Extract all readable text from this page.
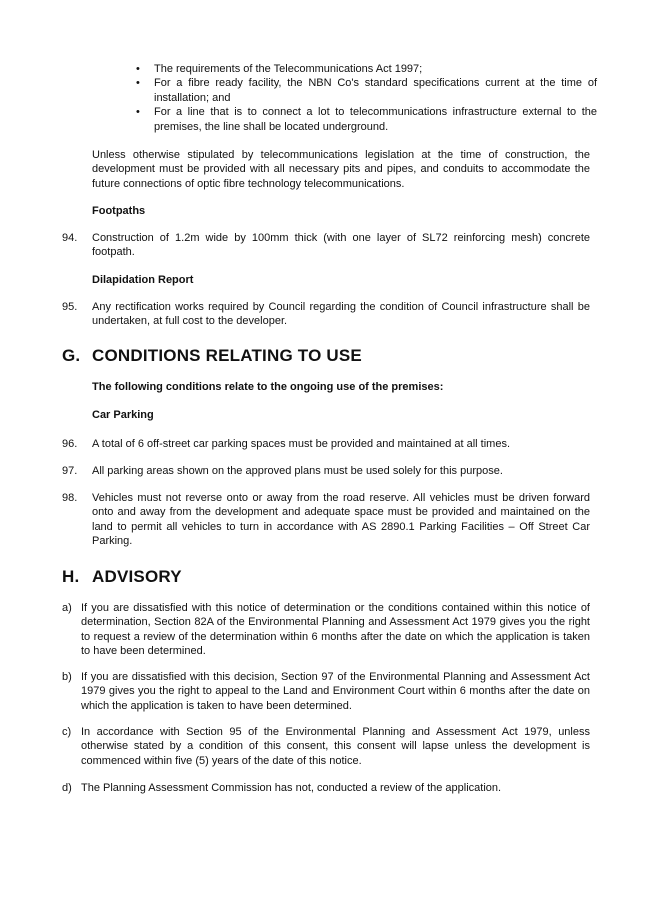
• The requirements of the Telecommunications Act 1997;
• For a fibre ready facility, the NBN Co's standard specifications current at the time of installation; and
• For a line that is to connect a lot to telecommunications infrastructure external to the premises, the line shall be located underground.
Unless otherwise stipulated by telecommunications legislation at the time of construction, the development must be provided with all necessary pits and pipes, and conduits to accommodate the future connections of optic fibre technology telecommunications.
Footpaths
94. Construction of 1.2m wide by 100mm thick (with one layer of SL72 reinforcing mesh) concrete footpath.
Dilapidation Report
95. Any rectification works required by Council regarding the condition of Council infrastructure shall be undertaken, at full cost to the developer.
G. CONDITIONS RELATING TO USE
The following conditions relate to the ongoing use of the premises:
Car Parking
96. A total of 6 off-street car parking spaces must be provided and maintained at all times.
97. All parking areas shown on the approved plans must be used solely for this purpose.
98. Vehicles must not reverse onto or away from the road reserve. All vehicles must be driven forward onto and away from the development and adequate space must be provided and maintained on the land to permit all vehicles to turn in accordance with AS 2890.1 Parking Facilities – Off Street Car Parking.
H. ADVISORY
a) If you are dissatisfied with this notice of determination or the conditions contained within this notice of determination, Section 82A of the Environmental Planning and Assessment Act 1979 gives you the right to request a review of the determination within 6 months after the date on which the application is taken to have been determined.
b) If you are dissatisfied with this decision, Section 97 of the Environmental Planning and Assessment Act 1979 gives you the right to appeal to the Land and Environment Court within 6 months after the date on which the application is taken to have been determined.
c) In accordance with Section 95 of the Environmental Planning and Assessment Act 1979, unless otherwise stated by a condition of this consent, this consent will lapse unless the development is commenced within five (5) years of the date of this notice.
d) The Planning Assessment Commission has not, conducted a review of the application.
